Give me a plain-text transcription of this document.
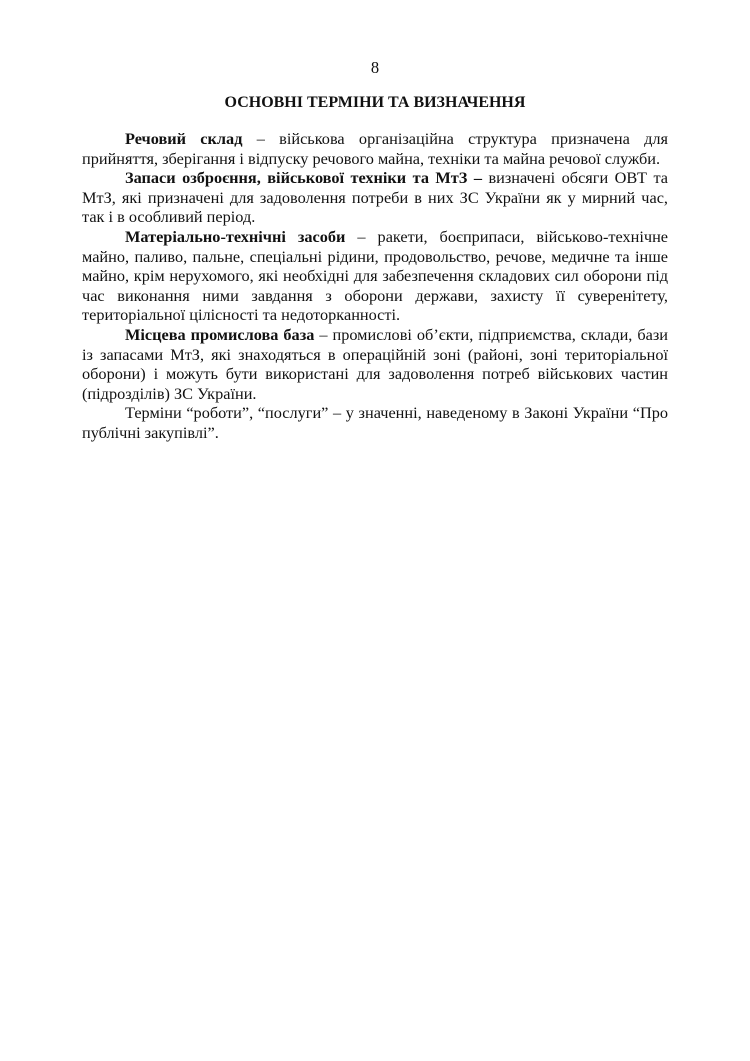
8
ОСНОВНІ ТЕРМІНИ ТА ВИЗНАЧЕННЯ

Речовий склад – військова організаційна структура призначена для прийняття, зберігання і відпуску речового майна, техніки та майна речової служби.

Запаси озброєння, військової техніки та МтЗ – визначені обсяги ОВТ та МтЗ, які призначені для задоволення потреби в них ЗС України як у мирний час, так і в особливий період.

Матеріально-технічні засоби – ракети, боєприпаси, військово-технічне майно, паливо, пальне, спеціальні рідини, продовольство, речове, медичне та інше майно, крім нерухомого, які необхідні для забезпечення складових сил оборони під час виконання ними завдання з оборони держави, захисту її суверенітету, територіальної цілісності та недоторканності.

Місцева промислова база – промислові об’єкти, підприємства, склади, бази із запасами МтЗ, які знаходяться в операційній зоні (районі, зоні територіальної оборони) і можуть бути використані для задоволення потреб військових частин (підрозділів) ЗС України.

Терміни “роботи”, “послуги” – у значенні, наведеному в Законі України “Про публічні закупівлі”.
